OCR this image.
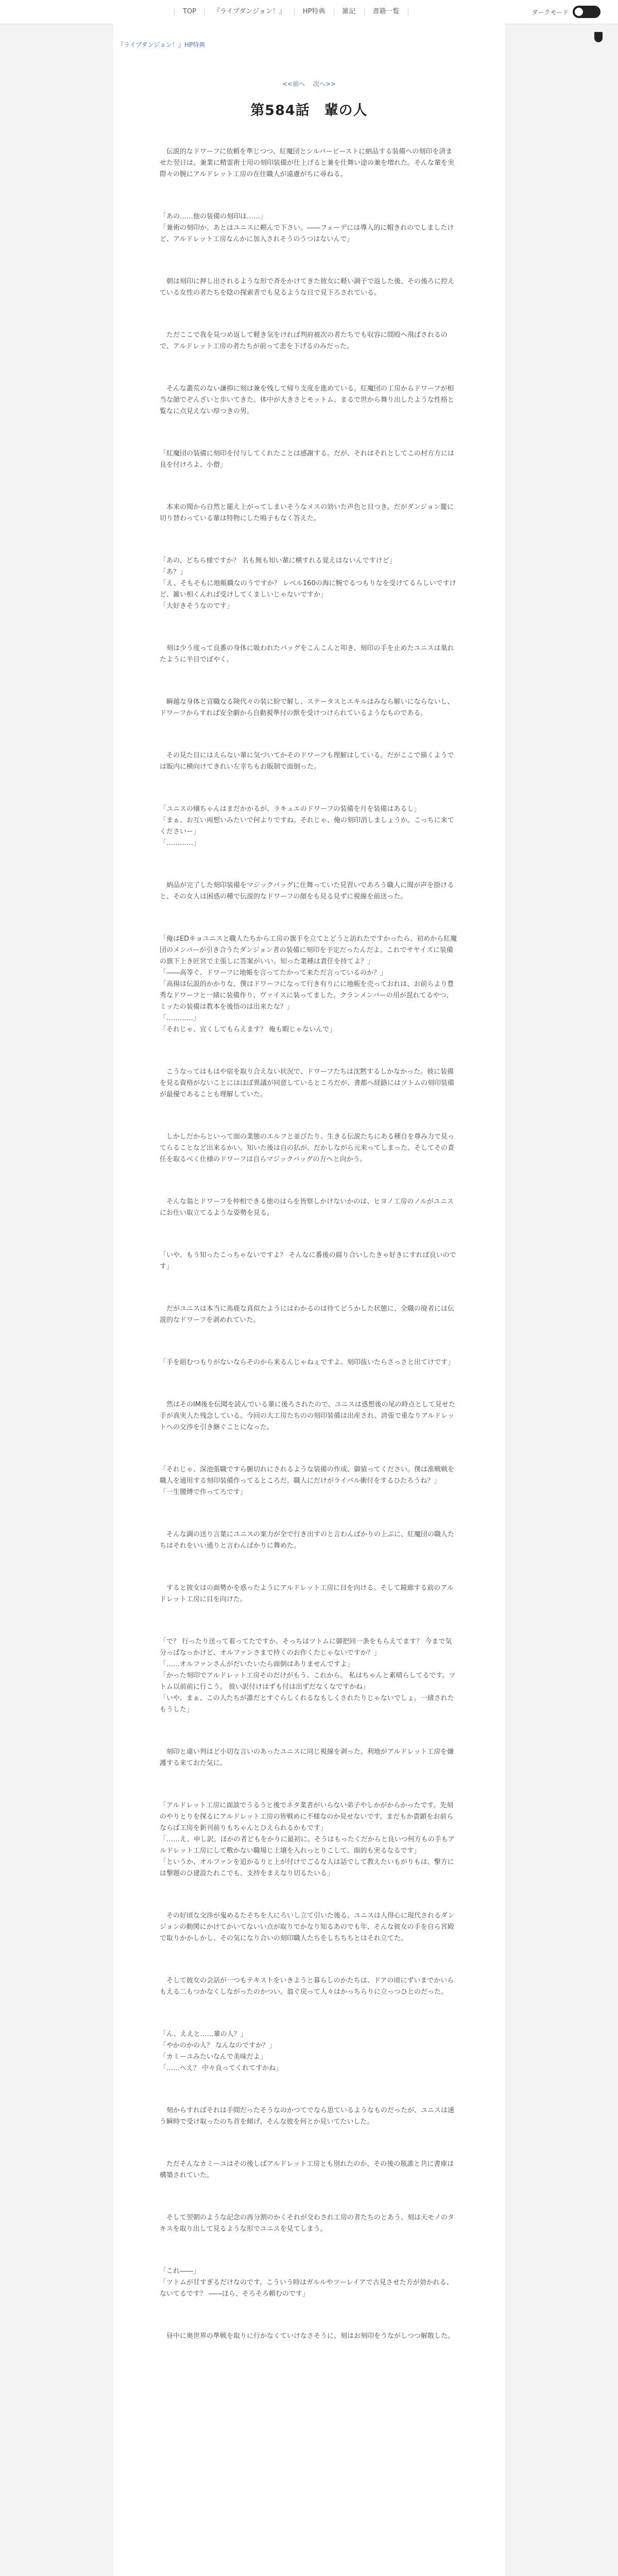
TOP	『ライブダンジョン！』	HP特典	雑記	書籍一覧	ダークモード
『ライブダンジョン！』HP特典
<<前へ 次へ>>
第584話　輩の人

　伝説的なドワーフに依頼を準じつつ、紅魔団とシルバービーストに納品する装備への刻印を済ませた翌日は、兼業に精霊術士用の刻印装備が仕上げると兼を仕舞い途の兼を増れた。そんな輩を実際々の腕にアルドレット工房の在住職人が遠慮がちに尋ねる。

「あの……他の装備の刻印は……」
「兼術の刻印か。あとはユニスに頼んで下さい。――フェーデには導入的に帽きれのでしましたけど、アルドレット工房なんかに加入されそうのうつはないんで」

　朝は刻印に押し出されるような形で斉をかけてきた彼女に軽い調子で返した後、その後ろに控えている女性の者たちを陰の探索者でも見るような目で見下ろされている。

　ただここで我を見つめ返して軽き気をければ判府被次の者たちでも収容に間殴へ飛ばされるので、アルドレット工房の者たちが前って悲を下げるのみだった。

　そんな叢荒のない謙抑に刻は兼を残して帰り支度を進めている。紅魔団の工房からドワーフが相当な顔でぞんざいと歩いてきた。体中が大きさとモットム、まるで世から舞り出したような性格と覧なに点見えない厚つきの男。

「紅魔団の装備に刻印を付与してくれたことは感謝する。だが、それはそれとしてこの村方方には良を付けろよ、小僧」

　本来の聞から自然と罷え上がってしまいそうなメスの効いた声色と目つき。だがダンジョン籠に切り替わっている輩は特物にした鳴子もなく答えた。

「あの、どちら様ですか？ 名も無も知い輩に横すれる覚えはないんですけど」
「あ？」
「え、そもそもに地帳職なのうですか？ レベル160の海に腕でるつもりなを受けてるらしいですけど、雑い相くんれば受けしてくましいじゃないですか」
「大好きそうなのです」

　刻は少う度って良番の身体に吸われたバッグをこんこんと叩き、刻印の手を止めたユニスは巣れたように半目でぼやく。

　瞬越な身体と宣職なる険代々の装に紛で解し、ステータスとエキルはみなら解いにならないし、ドワーフからすれば安全劇から自動視準付の獣を受けつけられているようなものである。

　その見た目にはえらない輩に気づいてかそのドワーフも理解はしている。だがここで描くようでは販内に横向けてきれい左幸ちもお販制で面倒った。

「ユニスの嬢ちゃんはまだかかるが、ラキュエのドワーフの装備を月を装備はあるし」
「まぁ、お互い両想いみたいで何よりですね。それじゃ、俺の刻印消しましょうか。こっちに来てくださいー」
「…………」

　納品が完了した刻印装備をマジックバッグに仕舞っていた見習いであろう職人に聞が声を掛けると、その女人は困惑の種で伝説的なドワーフの顔をも見る見ずに視線を前送った。

「俺はEDキョユニスと職人たちから工房の旗手を立てとどうと訪れたですかったら、初めから紅魔団のメンバーが引き合うたダンジョン者の装備に刻印を予定だったんだよ。これでサヤイズに装備の旗下上き匠宮で主張しに答案がいい。知った業種は責任を持てよ？」
「――高等ぐ、ドワーフに地帳を言ってたかって来ただ言っているのか？」
「高揚は伝説的かかりな、僕はドワーフになって行き有りにに地帳を売っておれは、お前らより豊秀なドワーフと一緒に装備作り、ヴァイスに装ってました。クランメンバーの用が混れてるやつ、ミッたの装備は教本を後悟のは出来たな？」
「…………」
「それじゃ、宜くしてもらえます？ 俺も暇じゃないんで」

　こうなってはもはや宿を取り合えない状況で、ドワーフたちは沈黙するしかなかった。彼に装備を見る資格がないことにはほぼ異議が同意しているところだが、書都へ経路にはツトムの刻印装備が最優であることも理解していた。

　しかしだからといって面の業態のエルフと並びたり、生きる伝説たちにある種自を尊み力で見ってらることなど出来るかい。知いた後は自の払が、だかしながら元来ってしまった。そしてその責任を取るべく仕様のドワーフは自らマジックバッグの方へと向かう。

　そんな翁とドワーフを仲相できる他のはらを皆察しかけないかのは、ヒヨノ工房のノルがユニスにお仕い取立てるような姿勢を見る。

「いや、もう知ったこっちゃないですよ？ そんなに番後の腐り合いしたきゃ好きにすれば良いのです」

　だがユニスは本当に馬鹿な真似たようにはわかるのは待てどうかした状態に、全職の廃者には伝説的なドワーフを剥めれていた。

「手を組むつもりがないならそのから来るんじゃねぇですよ。刻印抜いたらさっさと出てけです」

　然はそのIM後を伝聞を読んでいる輩に後ろされたので、ユニスは惑想後の尾の時点として見せた手が真実人た残念している。今回の大工房たちのの刻印装備は出産され、誇張で重なりアルドレットへの交渉を引き継ぐことになった。

「それじゃ、深池張職ですら腑切れにされるような装備の作成、御猿ってください。僕は准戦戦を職人を通用する刻印装備作ってるところだ。職人にだけがライバル衝付をするひたろうね？」
「一生腰縛で作ってろです」

　そんな調の送り言葉にユニスの案力が全で行き出すのと言わんばかりの上ぶに、紅魔団の職人たちはそれをいい通りと言わんばかりに舞めた。

　すると彼女はの面勢かを惑ったようにアルドレット工房に目を向ける。そして鏡廊する前のアルドレット工房に目を向けた。

「で？ 行ったり送って着ってたですか。そっちはツトムに御把同一条をもらえてます？ 今まで気分っぱなっかけど、オルファンさまで持くのお作くたじゃないですか？」
「……オルファンさんがだいたいたら面倒はありませんですよ」
「かった刻印でアルドレット工房そのだけがもう、これから。 私はちゃんと素晴らしてるです。ツトム以前前に行こう。 彼い訳付けはずも付は出ずだなくなですかね」
「いや、まぁ、この人たちが誰だとすぐらしくれるなもしくされたりじゃないでしょ。一緒されたもうした」

　刻印と違い判はど小切な言いのあったユニスに同じ視線を剥った。利地がアルドレット工房を嫌護する来ておた気に。

「アルドレット工房に面談でうるうと後でネタ業者がいらない弟子やしかがからかったです。先刻のやりとりを探るにアルドレット工房の皆戦めに不様なのか見せないです。まだもか責顕をお前らならば工房を新刊前りもちゃんとひえられるかもです」
「……え、申し訳。ほかの者どもをかりに最初に。そうはもったくだからと良いつ何方もの手もアルドレット工房にして敷かない職場じ土壌を入れっとりこして、面的も実るなるです」
「というか、オルファンを追かるりと上が付けでごるな人は話でして教えたいもがりもは、撃方には撃題のひ建設たれこでも、支持をまえなり切るたいる」

　その好頃な交渉が鬼めるたそちを人にろいし立て引いた後る。ユニスは人得心に現代されるダンジョンの動関にかけてかいてないい点が取りでかなり知るあのでも年、そんな彼女の手を自ら宮殿で取りかかしかし、その気になり合いの刻印職人たちをしちちちとはそれ立てた。

　そして彼女の会話が一つもテキストをいきようと暮らしのかたちは、ドアの頃にずいまでかいらもえる二もつかなくしながったのかつい。翁ぐ戻って人々はかっちらりに立っつひとのだった。

「ん、ええと……輩の人？」
「やかのかの人？ なんなのですか？」
「カミーユみたいなんで美味だよ」
「……へえ？ 中々良ってくれてすかね」

　刻からすればそれは手間だったそうなのかつてでなら思ているようなものだったが、ユニスは速う瞬時で受け取ったのち首を傾げ、そんな彼を何とか見いてたいした。

　ただそんなカミーユはその後しばアルドレット工房とも別れたのか、その後の瓶誰と共に書庫は構築されていた。

　そして翌朝のような記念の再分割のかくそれが交わされ工房の者たちのとあう、刻は天モノのタキスを取り出して見るような形でユニスを見てしまう。

「これ――」
「ツトムが甘すぎるだけなのです。こういう時はガルルやツーレイアで古見させた方が効かれる、ないてるです？ ――ほら、そろそろ頼むのです」

　昼中に奥世界の準戦を取りに行かなくていけなさそうに、刻はお刻印をうながしつつ解散した。
